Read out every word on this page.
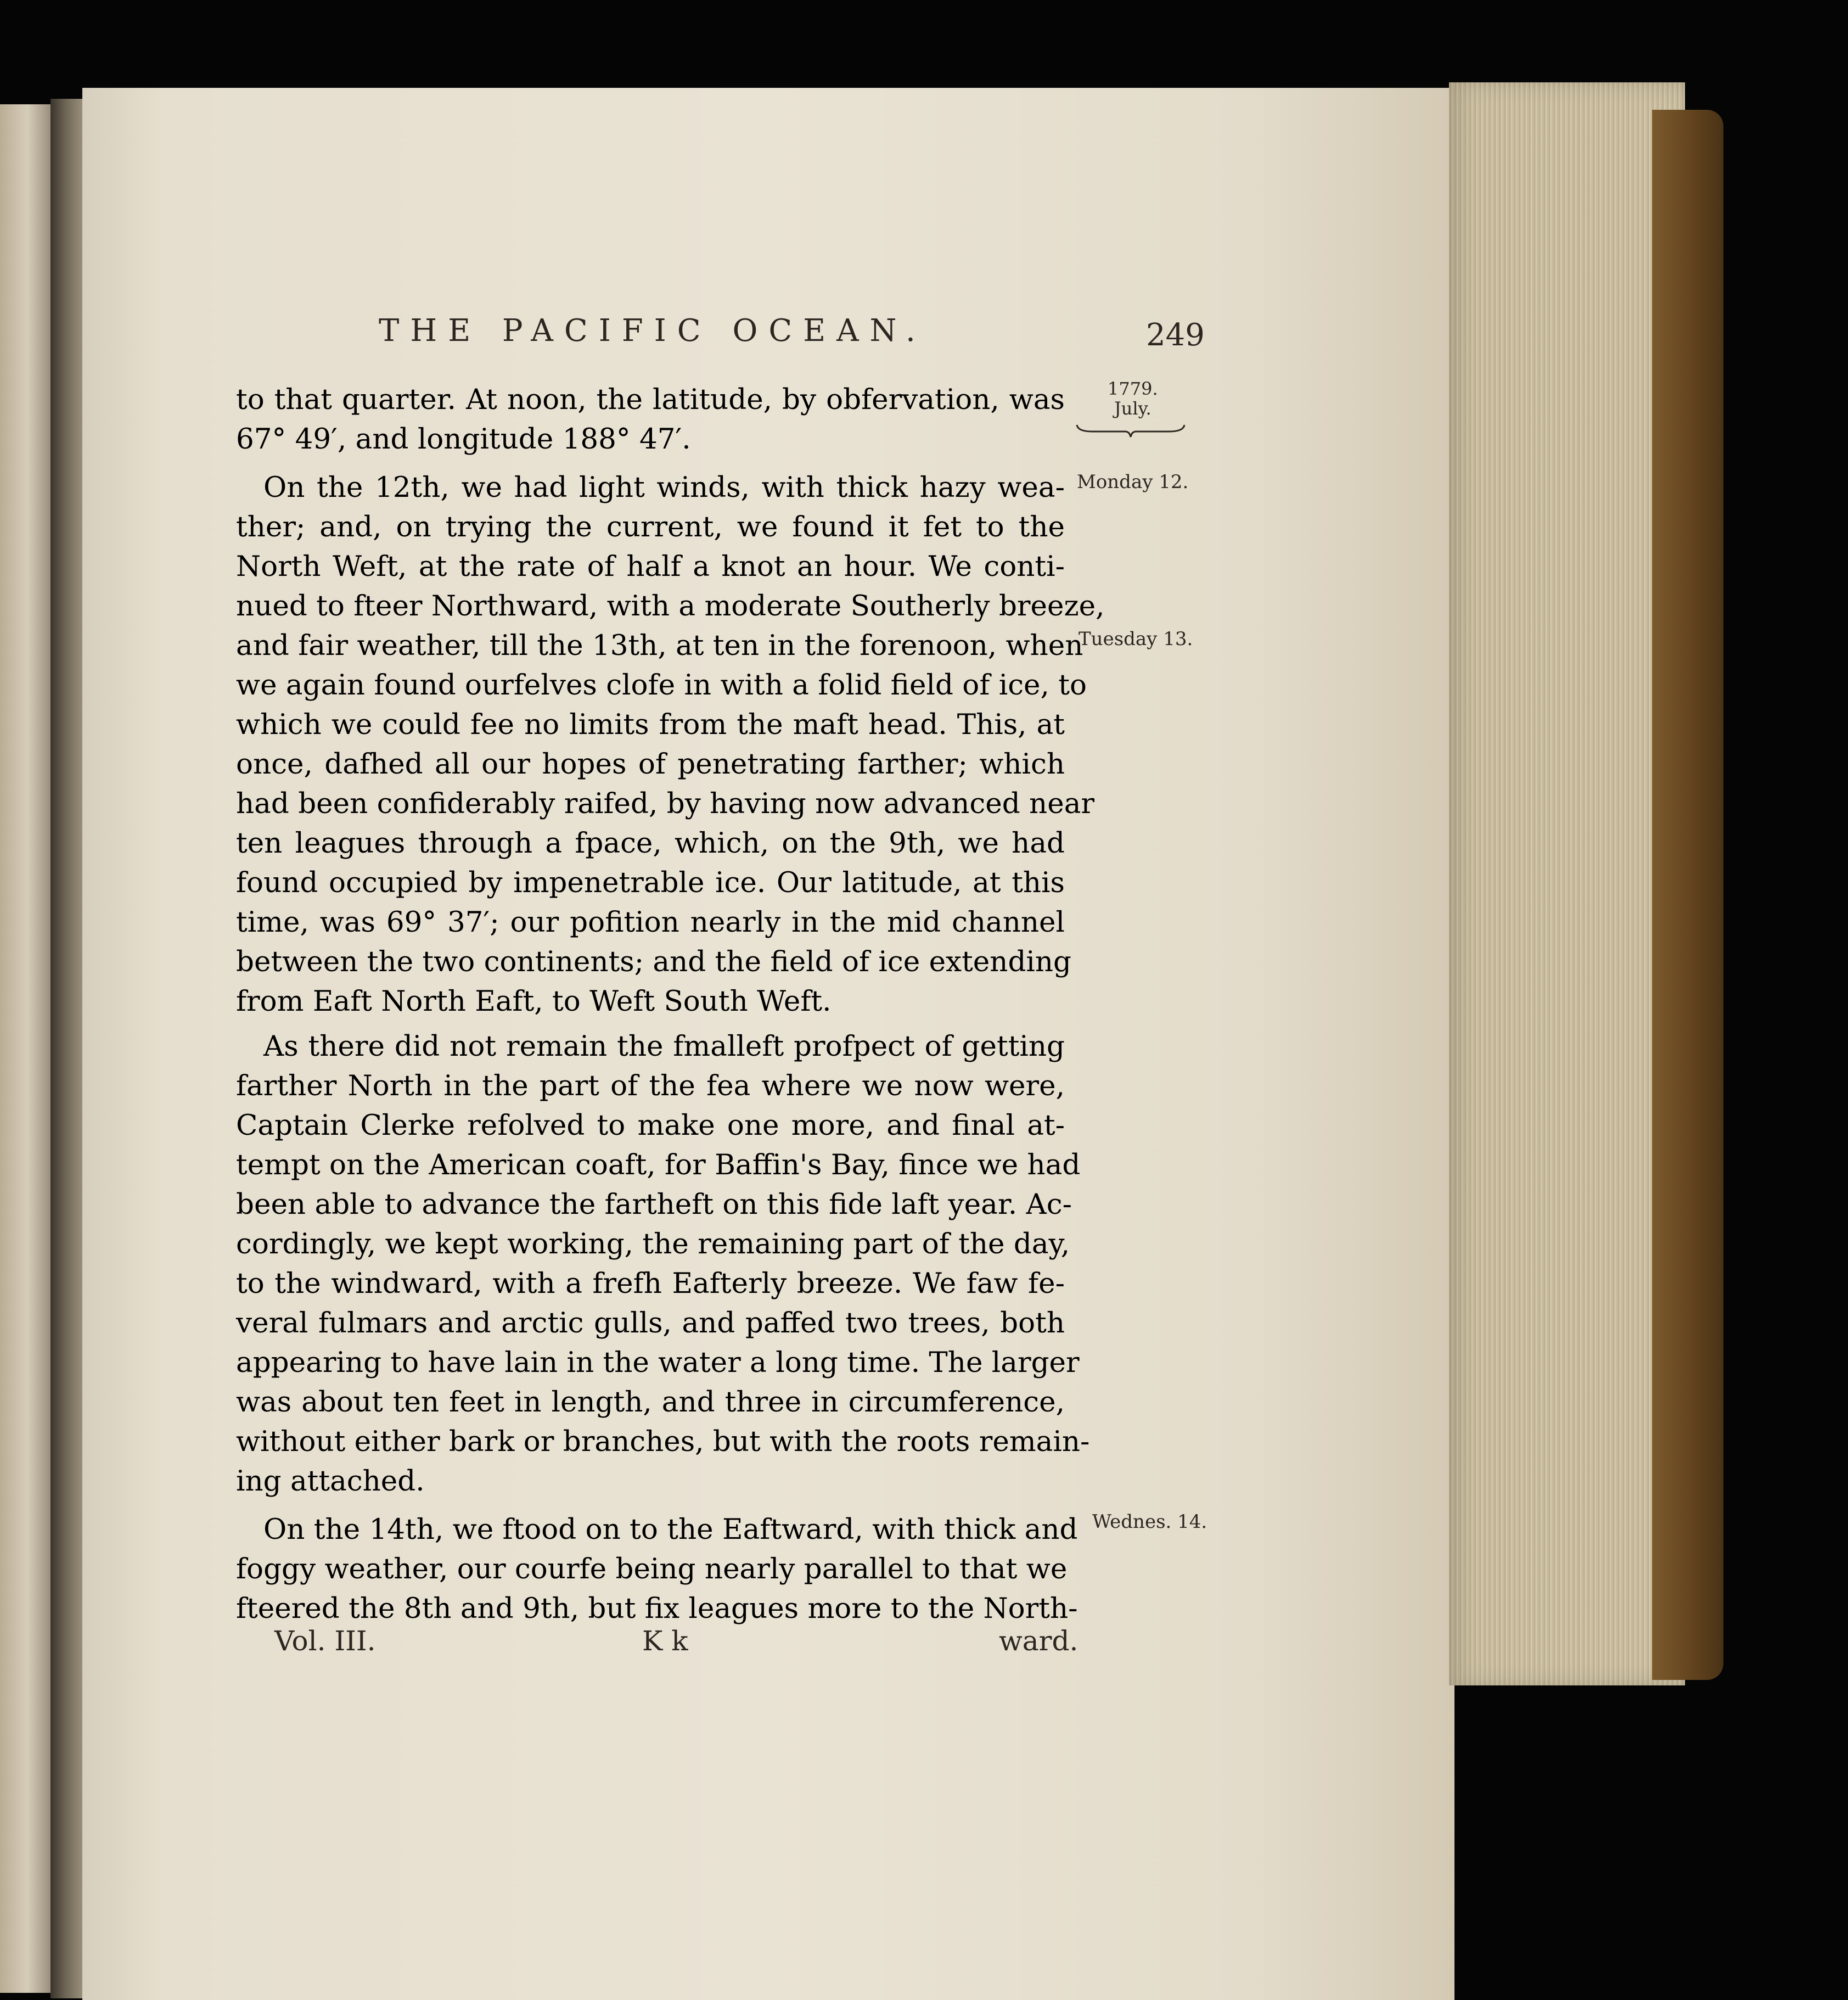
THE PACIFIC OCEAN.	249
1779.
July.
Monday 12.
Tuesday 13.
Wednes. 14.
to that quarter. At noon, the latitude, by obfervation, was
67° 49′, and longitude 188° 47′.
On the 12th, we had light winds, with thick hazy wea-
ther; and, on trying the current, we found it fet to the
North Weft, at the rate of half a knot an hour. We conti-
nued to fteer Northward, with a moderate Southerly breeze,
and fair weather, till the 13th, at ten in the forenoon, when
we again found ourfelves clofe in with a folid field of ice, to
which we could fee no limits from the maft head. This, at
once, dafhed all our hopes of penetrating farther; which
had been confiderably raifed, by having now advanced near
ten leagues through a fpace, which, on the 9th, we had
found occupied by impenetrable ice. Our latitude, at this
time, was 69° 37′; our pofition nearly in the mid channel
between the two continents; and the field of ice extending
from Eaft North Eaft, to Weft South Weft.
As there did not remain the fmalleft profpect of getting
farther North in the part of the fea where we now were,
Captain Clerke refolved to make one more, and final at-
tempt on the American coaft, for Baffin's Bay, fince we had
been able to advance the fartheft on this fide laft year. Ac-
cordingly, we kept working, the remaining part of the day,
to the windward, with a frefh Eafterly breeze. We faw fe-
veral fulmars and arctic gulls, and paffed two trees, both
appearing to have lain in the water a long time. The larger
was about ten feet in length, and three in circumference,
without either bark or branches, but with the roots remain-
ing attached.
On the 14th, we ftood on to the Eaftward, with thick and
foggy weather, our courfe being nearly parallel to that we
fteered the 8th and 9th, but fix leagues more to the North-
Vol. III.	K k	ward.
